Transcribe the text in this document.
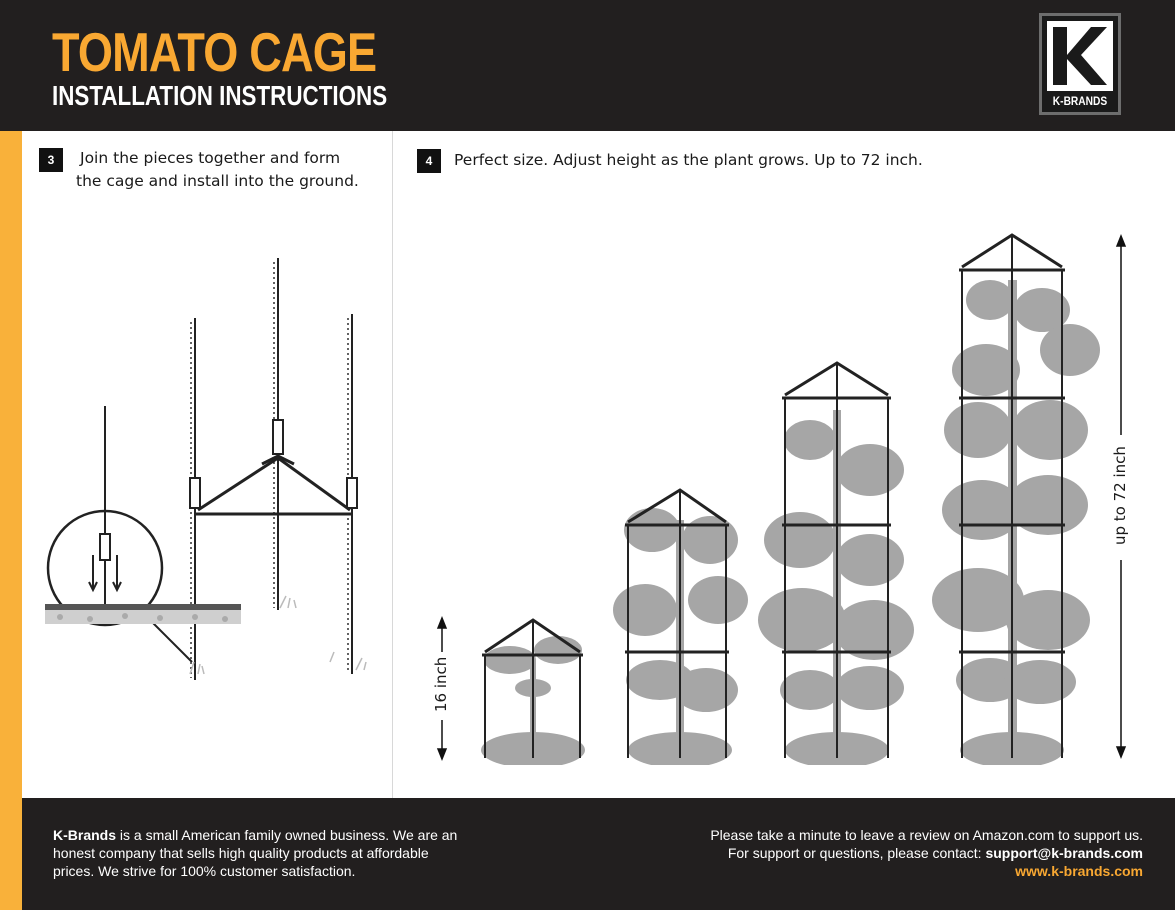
TOMATO CAGE
INSTALLATION INSTRUCTIONS	K-BRANDS
3	Join the pieces together and form
the cage and install into the ground.
4	Perfect size. Adjust height as the plant grows. Up to 72 inch.
16 inch
up to 72 inch
K-Brands is a small American family owned business. We are an
honest company that sells high quality products at affordable
prices. We strive for 100% customer satisfaction.
Please take a minute to leave a review on Amazon.com to support us.
For support or questions, please contact: support@k-brands.com
www.k-brands.com
